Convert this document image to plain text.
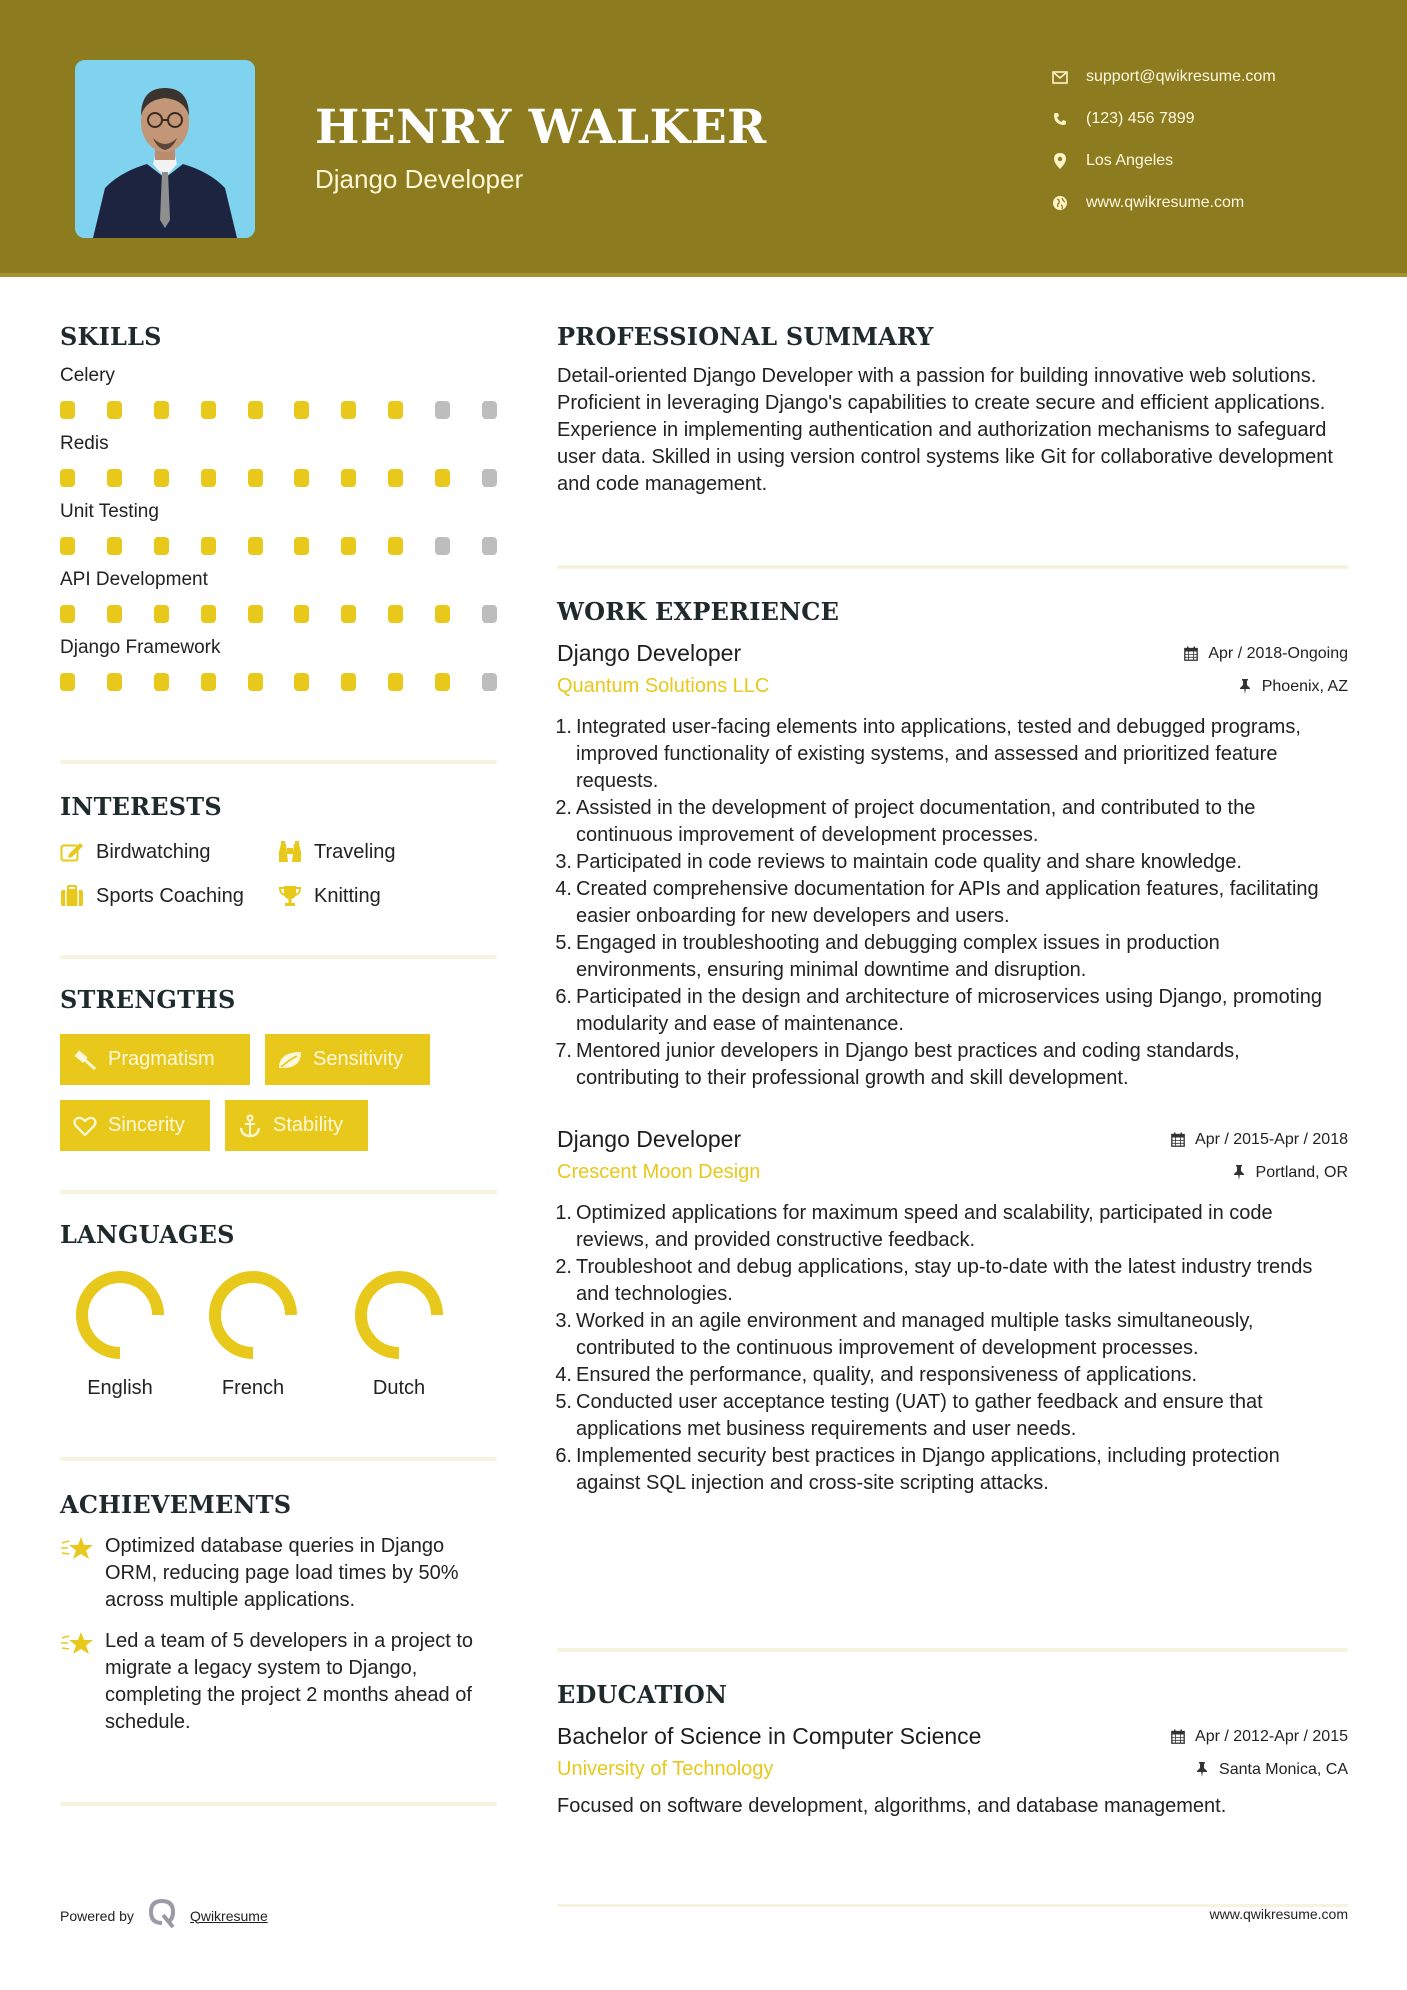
HENRY WALKER
Django Developer
support@qwikresume.com
(123) 456 7899
Los Angeles
www.qwikresume.com
SKILLS
Celery
Redis
Unit Testing
API Development
Django Framework
INTERESTS
Birdwatching	Traveling
Sports Coaching	Knitting
STRENGTHS
Pragmatism	Sensitivity
Sincerity	Stability
LANGUAGES
English	French	Dutch
ACHIEVEMENTS
Optimized database queries in Django ORM, reducing page load times by 50% across multiple applications.
Led a team of 5 developers in a project to migrate a legacy system to Django, completing the project 2 months ahead of schedule.
PROFESSIONAL SUMMARY

Detail-oriented Django Developer with a passion for building innovative web solutions. Proficient in leveraging Django's capabilities to create secure and efficient applications. Experience in implementing authentication and authorization mechanisms to safeguard user data. Skilled in using version control systems like Git for collaborative development and code management.

WORK EXPERIENCE
Django Developer	Apr / 2018-Ongoing
Quantum Solutions LLC	Phoenix, AZ
1. Integrated user-facing elements into applications, tested and debugged programs, improved functionality of existing systems, and assessed and prioritized feature requests.
2. Assisted in the development of project documentation, and contributed to the continuous improvement of development processes.
3. Participated in code reviews to maintain code quality and share knowledge.
4. Created comprehensive documentation for APIs and application features, facilitating easier onboarding for new developers and users.
5. Engaged in troubleshooting and debugging complex issues in production environments, ensuring minimal downtime and disruption.
6. Participated in the design and architecture of microservices using Django, promoting modularity and ease of maintenance.
7. Mentored junior developers in Django best practices and coding standards, contributing to their professional growth and skill development.
Django Developer	Apr / 2015-Apr / 2018
Crescent Moon Design	Portland, OR
1. Optimized applications for maximum speed and scalability, participated in code reviews, and provided constructive feedback.
2. Troubleshoot and debug applications, stay up-to-date with the latest industry trends and technologies.
3. Worked in an agile environment and managed multiple tasks simultaneously, contributed to the continuous improvement of development processes.
4. Ensured the performance, quality, and responsiveness of applications.
5. Conducted user acceptance testing (UAT) to gather feedback and ensure that applications met business requirements and user needs.
6. Implemented security best practices in Django applications, including protection against SQL injection and cross-site scripting attacks.
EDUCATION
Bachelor of Science in Computer Science	Apr / 2012-Apr / 2015
University of Technology	Santa Monica, CA
Focused on software development, algorithms, and database management.
Powered by	Qwikresume	www.qwikresume.com
